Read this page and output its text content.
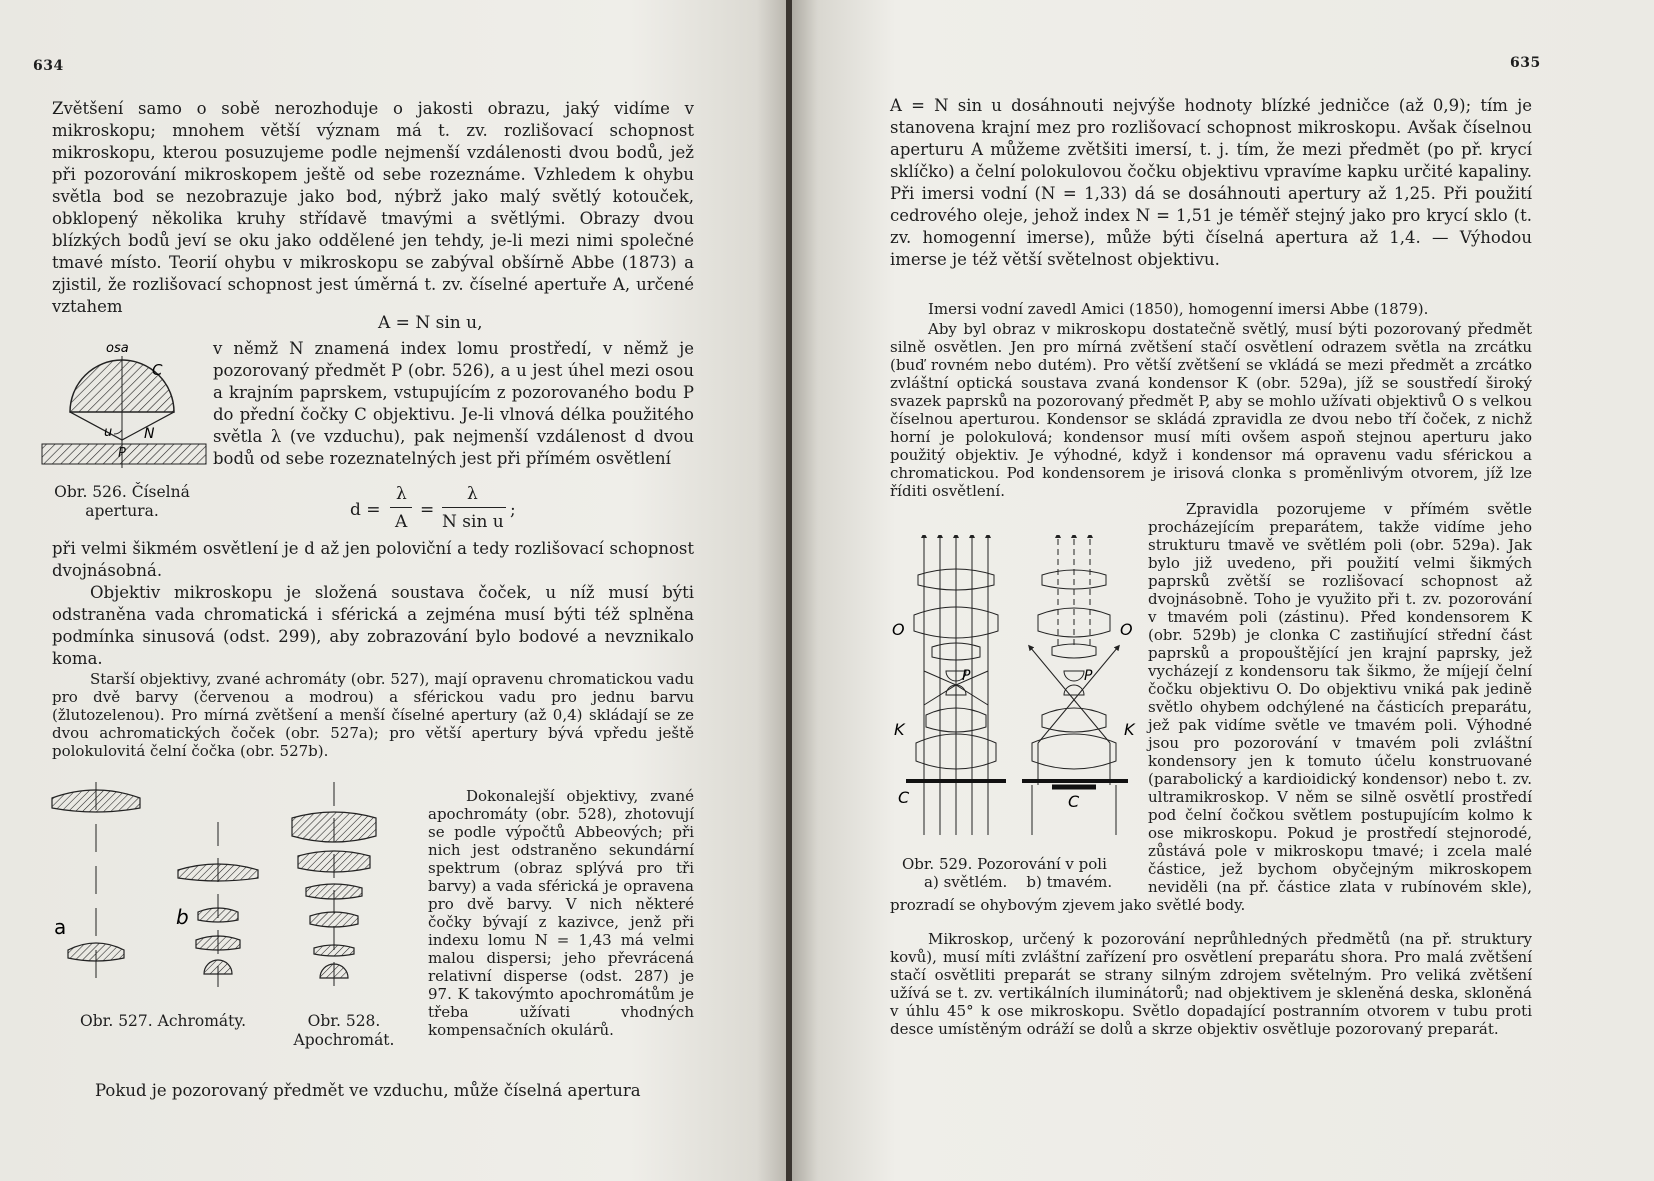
634

Zvětšení samo o sobě nerozhoduje o jakosti obrazu, jaký vidíme v mikroskopu; mnohem větší význam má t. zv. rozlišovací schopnost mikroskopu, kterou posuzujeme podle nejmenší vzdálenosti dvou bodů, jež při pozorování mikroskopem ještě od sebe rozeznáme. Vzhledem k ohybu světla bod se nezobrazuje jako bod, nýbrž jako malý světlý kotouček, obklopený několika kruhy střídavě tmavými a světlými. Obrazy dvou blízkých bodů jeví se oku jako oddělené jen tehdy, je-li mezi nimi společné tmavé místo. Teorií ohybu v mikroskopu se zabýval obšírně Abbe (1873) a zjistil, že rozlišovací schopnost jest úměrná t. zv. číselné apertuře A, určené vztahem

A = N sin u,

v němž N znamená index lomu prostředí, v němž je pozorovaný předmět P (obr. 526), a u jest úhel mezi osou a krajním paprskem, vstupujícím z pozorovaného bodu P do přední čočky C objektivu. Je-li vlnová délka použitého světla λ (ve vzduchu), pak nejmenší vzdálenost d dvou bodů od sebe rozeznatelných jest při přímém osvětlení

osa
C
u N
P
Obr. 526. Číselná
apertura.	d =
λ
A
=
λ
N sin u
;

při velmi šikmém osvětlení je d až jen poloviční a tedy rozlišovací schopnost dvojnásobná.

Objektiv mikroskopu je složená soustava čoček, u níž musí býti odstraněna vada chromatická i sférická a zejména musí býti též splněna podmínka sinusová (odst. 299), aby zobrazování bylo bodové a nevznikalo koma.

Starší objektivy, zvané achromáty (obr. 527), mají opravenu chromatickou vadu pro dvě barvy (červenou a modrou) a sférickou vadu pro jednu barvu (žlutozelenou). Pro mírná zvětšení a menší číselné apertury (až 0,4) skládají se ze dvou achromatických čoček (obr. 527a); pro větší apertury bývá vpředu ještě polokulovitá čelní čočka (obr. 527b).

a	b
Obr. 527. Achromáty.	Obr. 528.
Apochromát.

Dokonalejší objektivy, zvané apochromáty (obr. 528), zhotovují se podle výpočtů Abbeových; při nich jest odstraněno sekundární spektrum (obraz splývá pro tři barvy) a vada sférická je opravena pro dvě barvy. V nich některé čočky bývají z kazivce, jenž při indexu lomu N = 1,43 má velmi malou dispersi; jeho převrácená relativní disperse (odst. 287) je 97. K takovýmto apochromátům je třeba užívati vhodných kompensačních okulárů.

Pokud je pozorovaný předmět ve vzduchu, může číselná apertura

635

A = N sin u dosáhnouti nejvýše hodnoty blízké jedničce (až 0,9); tím je stanovena krajní mez pro rozlišovací schopnost mikroskopu. Avšak číselnou aperturu A můžeme zvětšiti imersí, t. j. tím, že mezi předmět (po př. krycí sklíčko) a čelní polokulovou čočku objektivu vpravíme kapku určité kapaliny. Při imersi vodní (N = 1,33) dá se dosáhnouti apertury až 1,25. Při použití cedrového oleje, jehož index N = 1,51 je téměř stejný jako pro krycí sklo (t. zv. homogenní imerse), může býti číselná apertura až 1,4. — Výhodou imerse je též větší světelnost objektivu.

Imersi vodní zavedl Amici (1850), homogenní imersi Abbe (1879).

Aby byl obraz v mikroskopu dostatečně světlý, musí býti pozorovaný předmět silně osvětlen. Jen pro mírná zvětšení stačí osvětlení odrazem světla na zrcátku (buď rovném nebo dutém). Pro větší zvětšení se vkládá se mezi předmět a zrcátko zvláštní optická soustava zvaná kondensor K (obr. 529a), jíž se soustředí široký svazek paprsků na pozorovaný předmět P, aby se mohlo užívati objektivů O s velkou číselnou aperturou. Kondensor se skládá zpravidla ze dvou nebo tří čoček, z nichž horní je polokulová; kondensor musí míti ovšem aspoň stejnou aperturu jako použitý objektiv. Je výhodné, když i kondensor má opravenu vadu sférickou a chromatickou. Pod kondensorem je irisová clonka s proměnlivým otvorem, jíž lze říditi osvětlení.

O
P
K
C
O
P
K
C
Obr. 529. Pozorování v poli
a) světlém.    b) tmavém.

Zpravidla pozorujeme v přímém světle procházejícím preparátem, takže vidíme jeho strukturu tmavě ve světlém poli (obr. 529a). Jak bylo již uvedeno, při použití velmi šikmých paprsků zvětší se rozlišovací schopnost až dvojnásobně. Toho je využito při t. zv. pozorování v tmavém poli (zástinu). Před kondensorem K (obr. 529b) je clonka C zastiňující střední část paprsků a propouštějící jen krajní paprsky, jež vycházejí z kondensoru tak šikmo, že míjejí čelní čočku objektivu O. Do objektivu vniká pak jedině světlo ohybem odchýlené na částicích preparátu, jež pak vidíme světle ve tmavém poli. Výhodné jsou pro pozorování v tmavém poli zvláštní kondensory jen k tomuto účelu konstruované (parabolický a kardioidický kondensor) nebo t. zv. ultramikroskop. V něm se silně osvětlí prostředí pod čelní čočkou světlem postupujícím kolmo k ose mikroskopu. Pokud je prostředí stejnorodé, zůstává pole v mikroskopu tmavé; i zcela malé částice, jež bychom obyčejným mikroskopem neviděli (na př. částice zlata v rubínovém skle), prozradí se ohybovým zjevem jako světlé body.

Mikroskop, určený k pozorování neprůhledných předmětů (na př. struktury kovů), musí míti zvláštní zařízení pro osvětlení preparátu shora. Pro malá zvětšení stačí osvětliti preparát se strany silným zdrojem světelným. Pro veliká zvětšení užívá se t. zv. vertikálních iluminátorů; nad objektivem je skleněná deska, skloněná v úhlu 45° k ose mikroskopu. Světlo dopadající postranním otvorem v tubu proti desce umístěným odráží se dolů a skrze objektiv osvětluje pozorovaný preparát.
